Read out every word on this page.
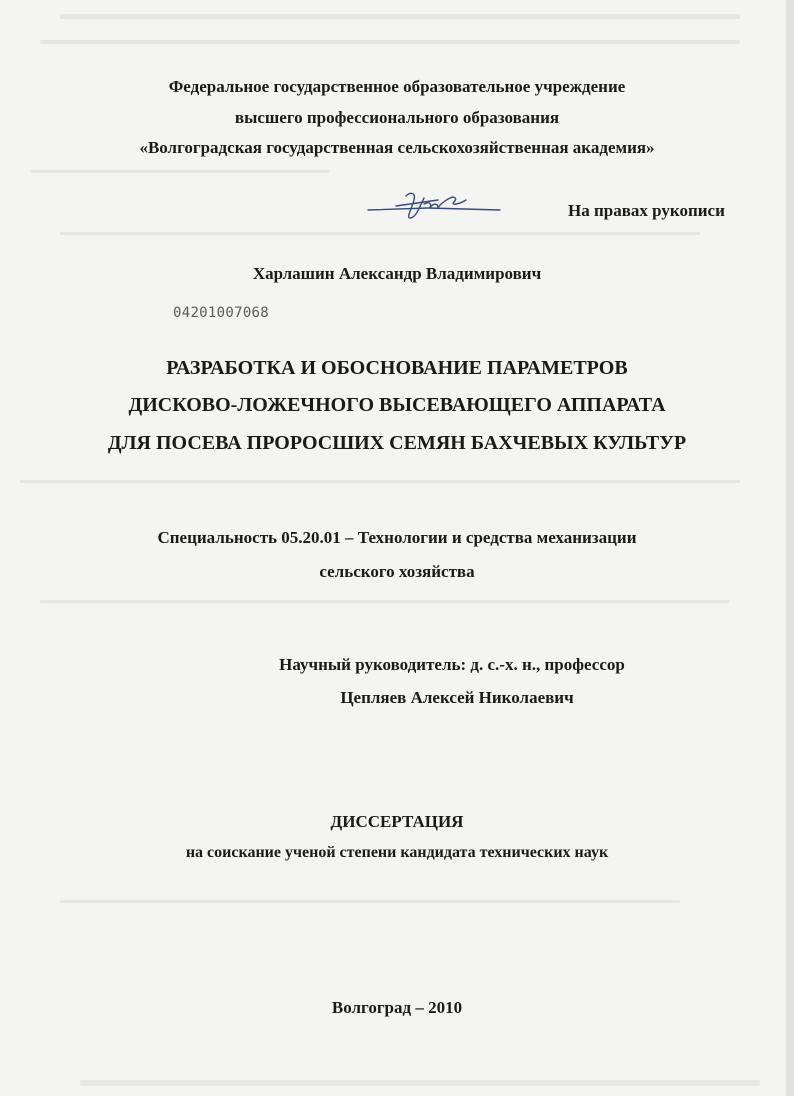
Федеральное государственное образовательное учреждение
высшего профессионального образования
«Волгоградская государственная сельскохозяйственная академия»
На правах рукописи
Харлашин Александр Владимирович
04201007068
РАЗРАБОТКА И ОБОСНОВАНИЕ ПАРАМЕТРОВ
ДИСКОВО-ЛОЖЕЧНОГО ВЫСЕВАЮЩЕГО АППАРАТА
ДЛЯ ПОСЕВА ПРОРОСШИХ СЕМЯН БАХЧЕВЫХ КУЛЬТУР
Специальность 05.20.01 – Технологии и средства механизации
сельского хозяйства
Научный руководитель: д. с.-х. н., профессор
Цепляев Алексей Николаевич
ДИССЕРТАЦИЯ
на соискание ученой степени кандидата технических наук
Волгоград – 2010
